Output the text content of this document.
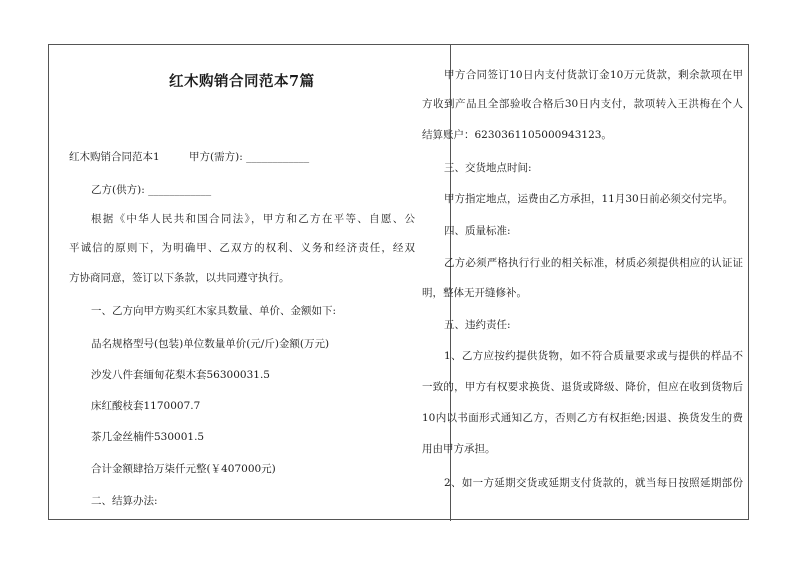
红木购销合同范本7篇
红木购销合同范本1	甲方(需方): ____________
乙方(供方): ____________
根据《中华人民共和国合同法》，甲方和乙方在平等、自愿、公
平诚信的原则下，为明确甲、乙双方的权利、义务和经济责任，经双
方协商同意，签订以下条款，以共同遵守执行。
一、乙方向甲方购买红木家具数量、单价、金额如下:
品名规格型号(包装)单位数量单价(元/斤)金额(万元)
沙发八件套缅甸花梨木套56300031.5
床红酸枝套1170007.7
茶几金丝楠件530001.5
合计金额肆拾万柒仟元整(￥407000元)
二、结算办法:
甲方合同签订10日内支付货款订金10万元货款，剩余款项在甲
方收到产品且全部验收合格后30日内支付，款项转入王洪梅在个人
结算账户：6230361105000943123。
三、交货地点时间:
甲方指定地点，运费由乙方承担，11月30日前必须交付完毕。
四、质量标准:
乙方必须严格执行行业的相关标准，材质必须提供相应的认证证
明，整体无开缝修补。
五、违约责任:
1、乙方应按约提供货物，如不符合质量要求或与提供的样品不
一致的，甲方有权要求换货、退货或降级、降价，但应在收到货物后
10内以书面形式通知乙方，否则乙方有权拒绝;因退、换货发生的费
用由甲方承担。
2、如一方延期交货或延期支付货款的，就当每日按照延期部份
